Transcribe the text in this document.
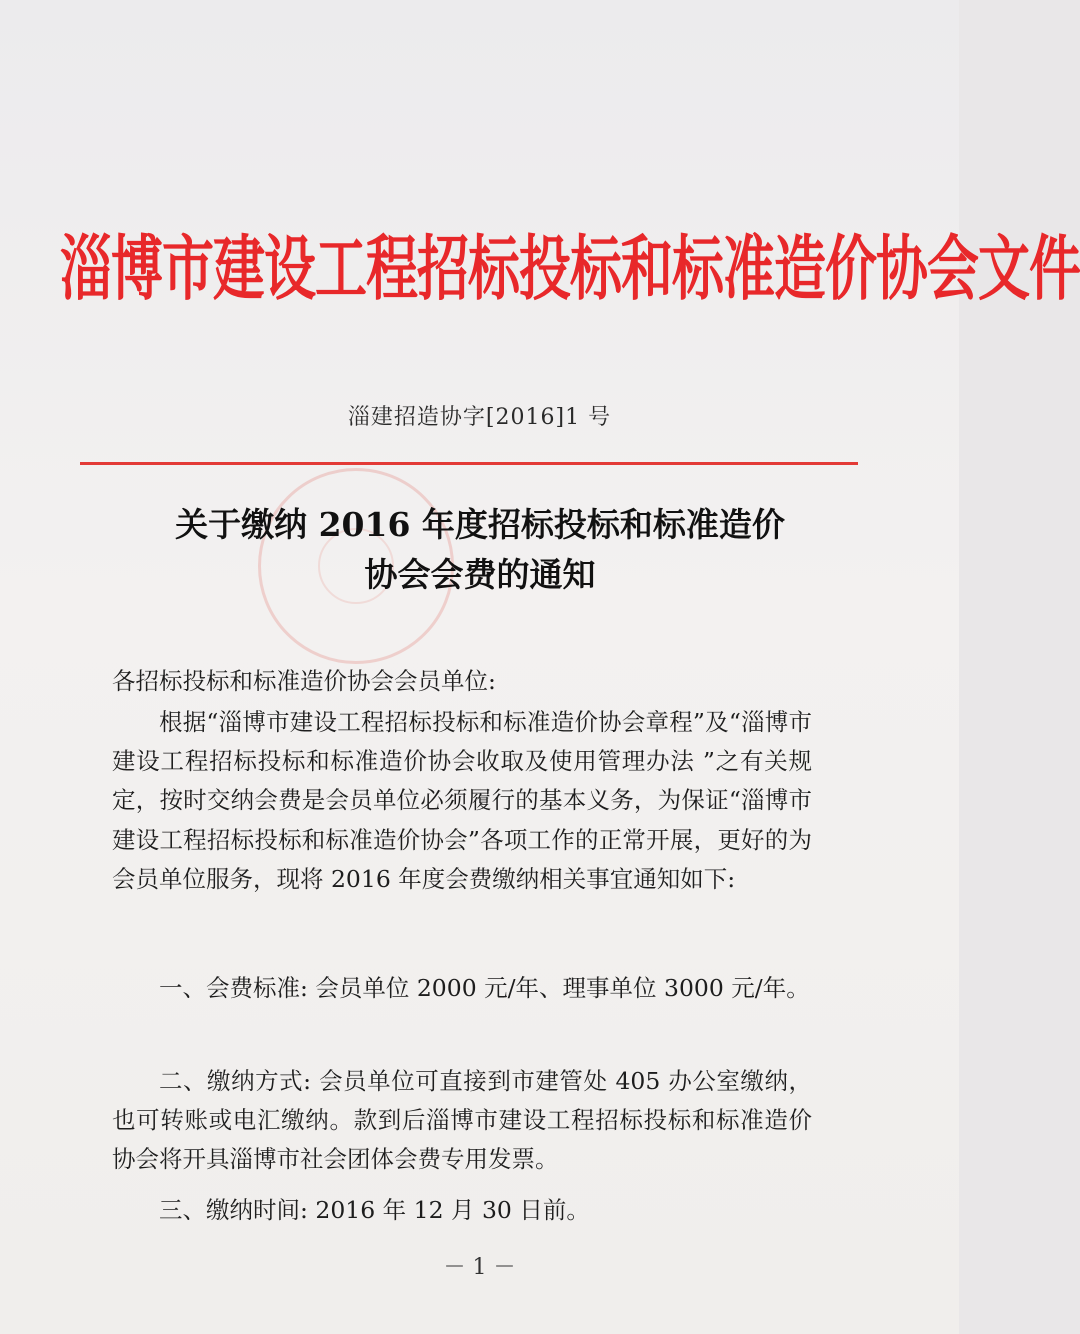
淄博市建设工程招标投标和标准造价协会文件
淄建招造协字[2016]1 号
关于缴纳 2016 年度招标投标和标准造价
协会会费的通知
各招标投标和标准造价协会会员单位:
根据“淄博市建设工程招标投标和标准造价协会章程”及“淄博市建设工程招标投标和标准造价协会收取及使用管理办法 ”之有关规定，按时交纳会费是会员单位必须履行的基本义务，为保证“淄博市建设工程招标投标和标准造价协会”各项工作的正常开展，更好的为会员单位服务，现将 2016 年度会费缴纳相关事宜通知如下:
一、会费标准: 会员单位 2000 元/年、理事单位 3000 元/年。
二、缴纳方式: 会员单位可直接到市建管处 405 办公室缴纳，也可转账或电汇缴纳。款到后淄博市建设工程招标投标和标准造价协会将开具淄博市社会团体会费专用发票。
三、缴纳时间: 2016 年 12 月 30 日前。
－ 1 －
